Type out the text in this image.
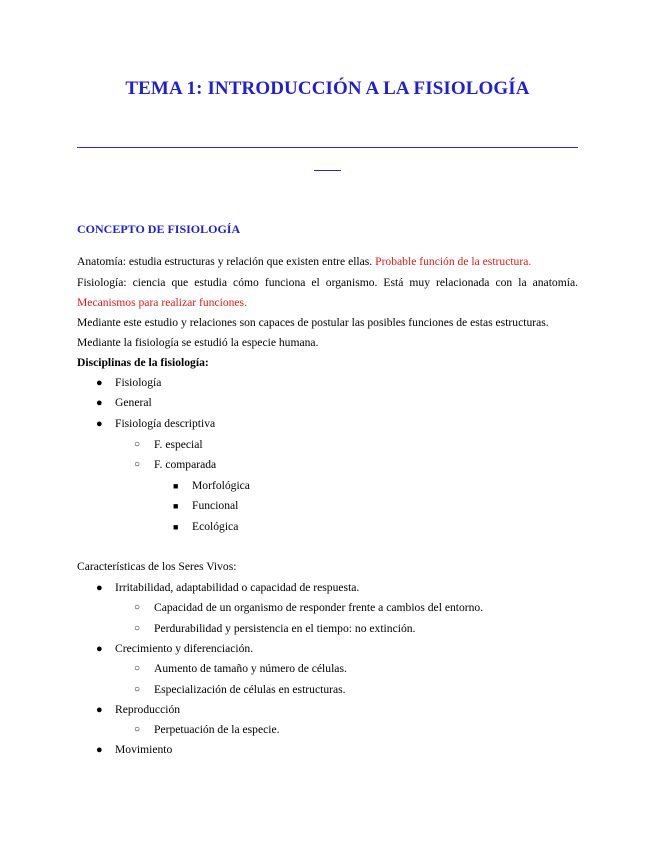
TEMA 1: INTRODUCCIÓN A LA FISIOLOGÍA
CONCEPTO DE FISIOLOGÍA
Anatomía: estudia estructuras y relación que existen entre ellas. Probable función de la estructura.
Fisiología: ciencia que estudia cómo funciona el organismo. Está muy relacionada con la anatomía.
Mecanismos para realizar funciones.
Mediante este estudio y relaciones son capaces de postular las posibles funciones de estas estructuras.
Mediante la fisiología se estudió la especie humana.
Disciplinas de la fisiología:
● Fisiología
● General
● Fisiología descriptiva
○ F. especial
○ F. comparada
■ Morfológica
■ Funcional
■ Ecológica
Características de los Seres Vivos:
● Irritabilidad, adaptabilidad o capacidad de respuesta.
○ Capacidad de un organismo de responder frente a cambios del entorno.
○ Perdurabilidad y persistencia en el tiempo: no extinción.
● Crecimiento y diferenciación.
○ Aumento de tamaño y número de células.
○ Especialización de células en estructuras.
● Reproducción
○ Perpetuación de la especie.
● Movimiento
